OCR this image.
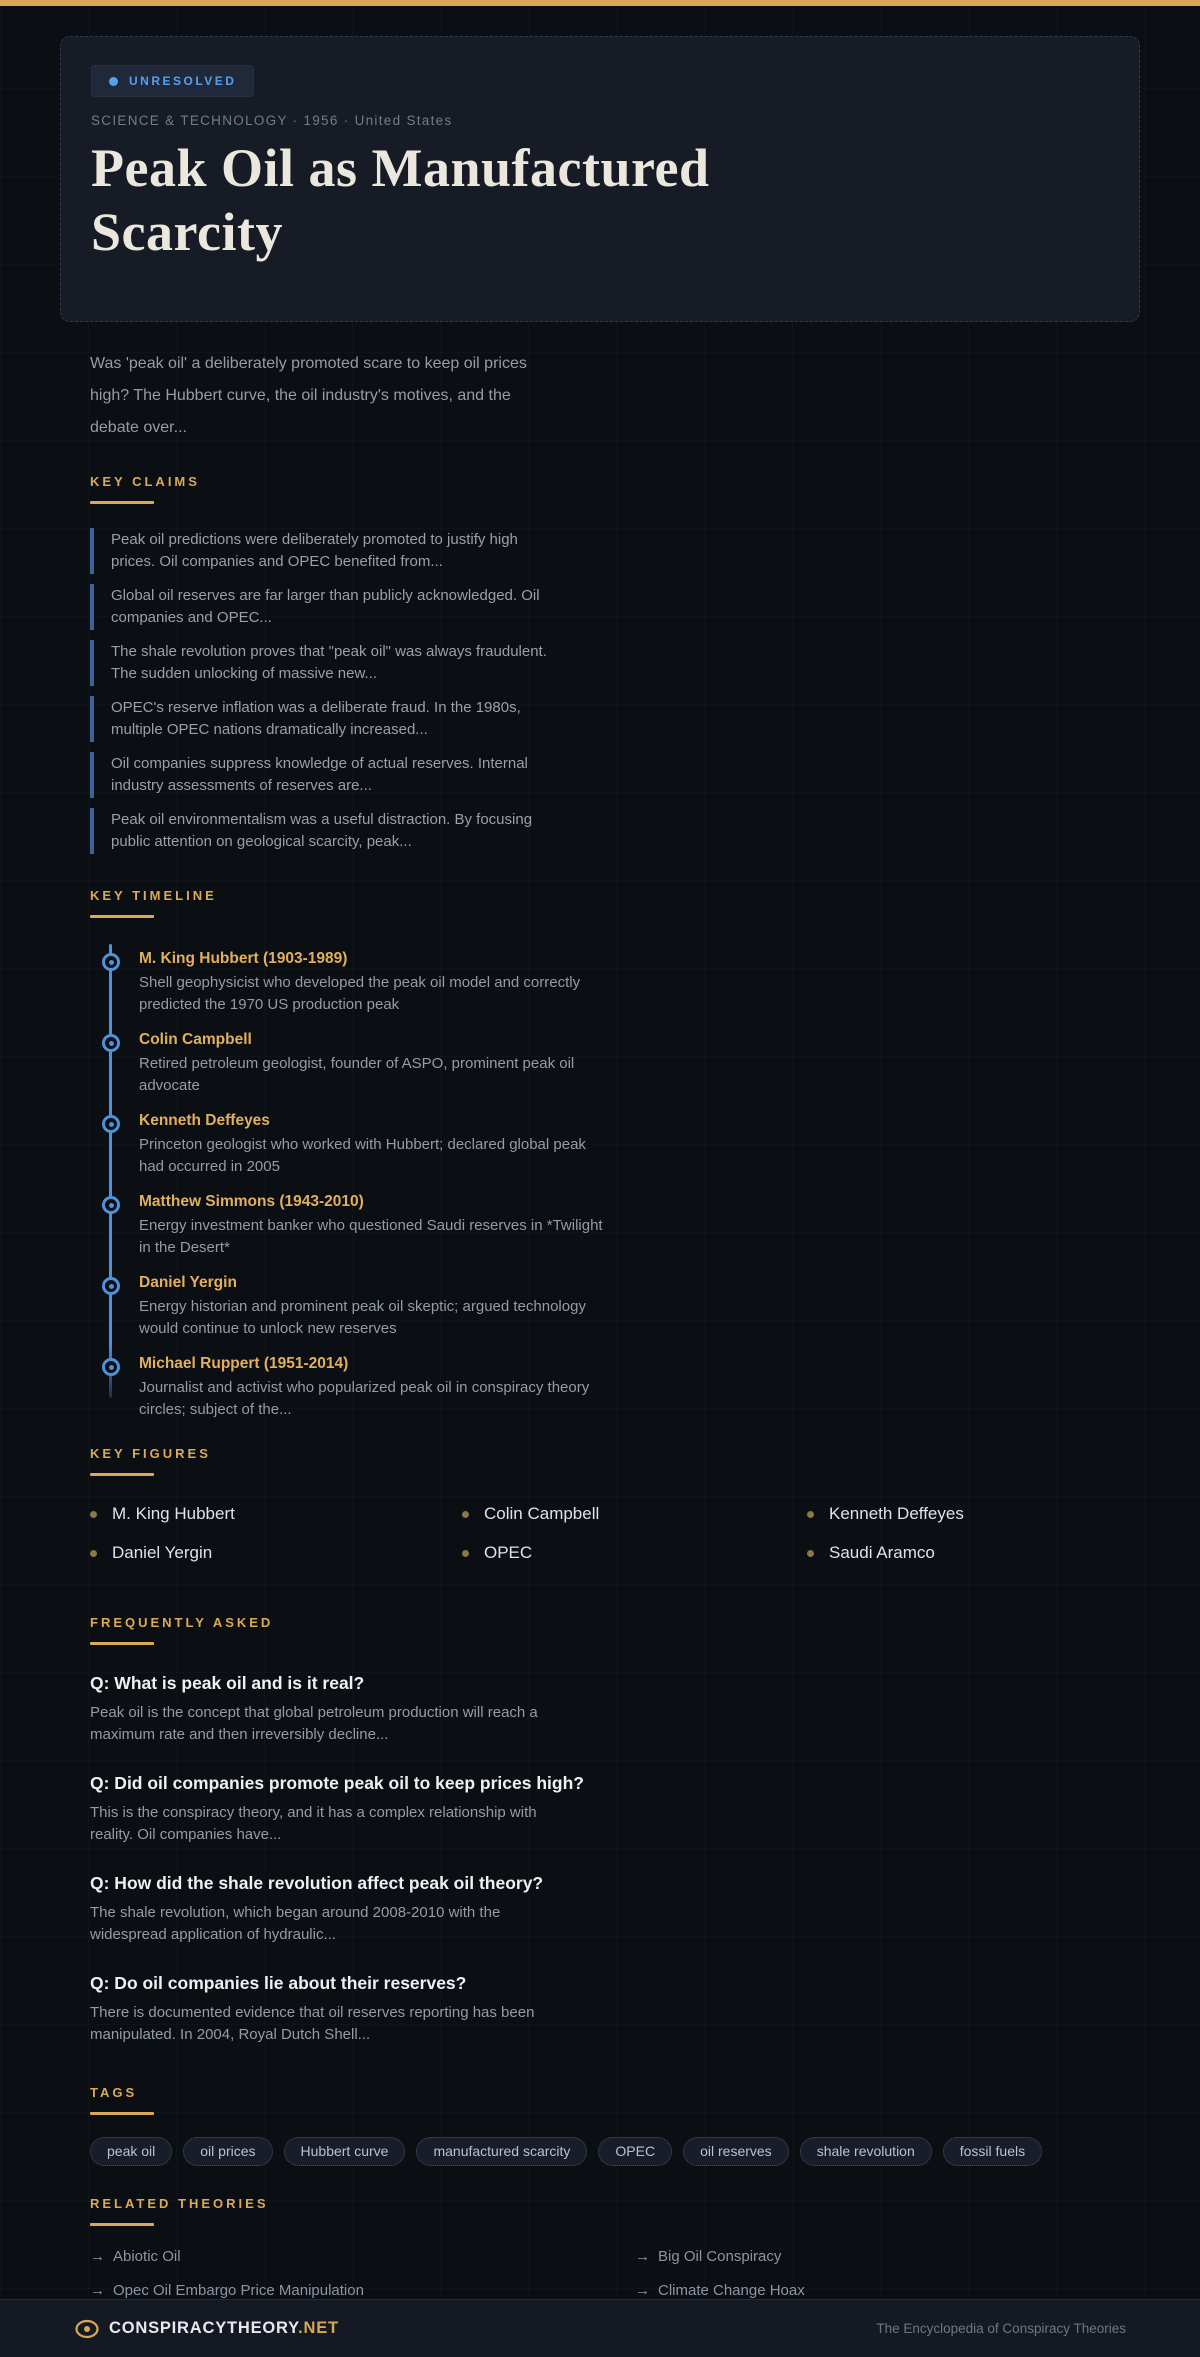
UNRESOLVED
SCIENCE & TECHNOLOGY · 1956 · United States
Peak Oil as Manufactured Scarcity

Was 'peak oil' a deliberately promoted scare to keep oil prices high? The Hubbert curve, the oil industry's motives, and the debate over...

KEY CLAIMS
Peak oil predictions were deliberately promoted to justify high prices. Oil companies and OPEC benefited from...
Global oil reserves are far larger than publicly acknowledged. Oil companies and OPEC...
The shale revolution proves that "peak oil" was always fraudulent. The sudden unlocking of massive new...
OPEC's reserve inflation was a deliberate fraud. In the 1980s, multiple OPEC nations dramatically increased...
Oil companies suppress knowledge of actual reserves. Internal industry assessments of reserves are...
Peak oil environmentalism was a useful distraction. By focusing public attention on geological scarcity, peak...
KEY TIMELINE
M. King Hubbert (1903-1989)
Shell geophysicist who developed the peak oil model and correctly predicted the 1970 US production peak
Colin Campbell
Retired petroleum geologist, founder of ASPO, prominent peak oil advocate
Kenneth Deffeyes
Princeton geologist who worked with Hubbert; declared global peak had occurred in 2005
Matthew Simmons (1943-2010)
Energy investment banker who questioned Saudi reserves in *Twilight in the Desert*
Daniel Yergin
Energy historian and prominent peak oil skeptic; argued technology would continue to unlock new reserves
Michael Ruppert (1951-2014)
Journalist and activist who popularized peak oil in conspiracy theory circles; subject of the...
KEY FIGURES
M. King Hubbert	Colin Campbell	Kenneth Deffeyes
Daniel Yergin	OPEC	Saudi Aramco
FREQUENTLY ASKED
Q: What is peak oil and is it real?
Peak oil is the concept that global petroleum production will reach a maximum rate and then irreversibly decline...
Q: Did oil companies promote peak oil to keep prices high?
This is the conspiracy theory, and it has a complex relationship with reality. Oil companies have...
Q: How did the shale revolution affect peak oil theory?
The shale revolution, which began around 2008-2010 with the widespread application of hydraulic...
Q: Do oil companies lie about their reserves?
There is documented evidence that oil reserves reporting has been manipulated. In 2004, Royal Dutch Shell...
TAGS
peak oil	oil prices	Hubbert curve	manufactured scarcity	OPEC	oil reserves	shale revolution	fossil fuels
RELATED THEORIES
→ Abiotic Oil	→ Big Oil Conspiracy
→ Opec Oil Embargo Price Manipulation	→ Climate Change Hoax
CONSPIRACYTHEORY.NET	The Encyclopedia of Conspiracy Theories
